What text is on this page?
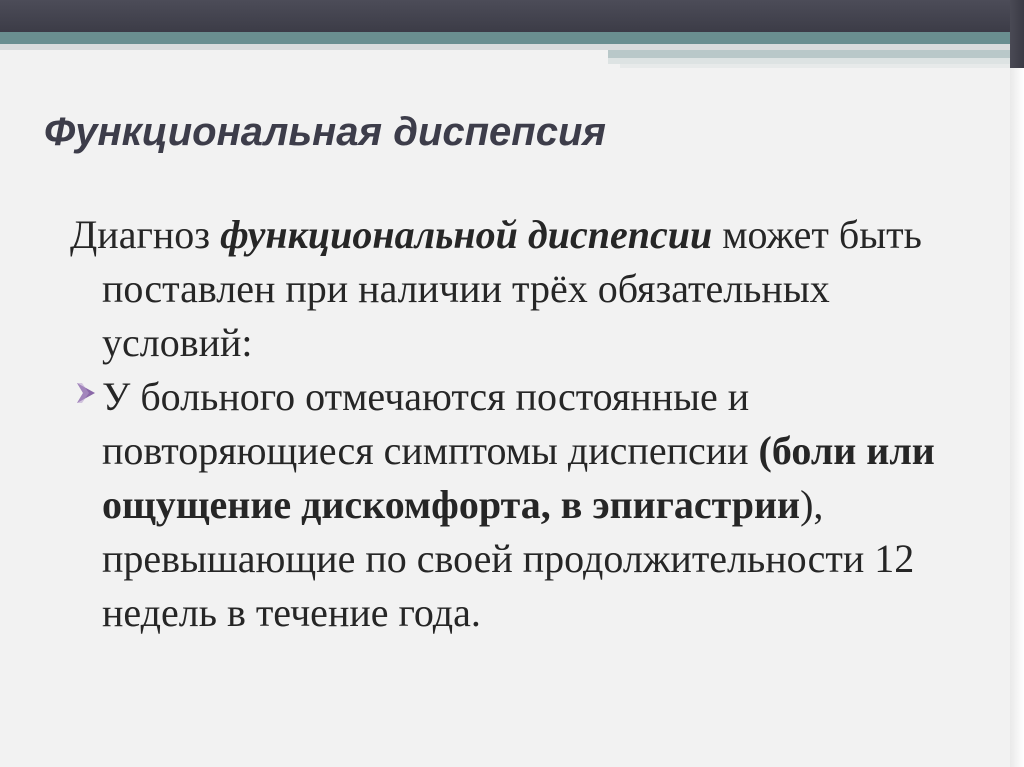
Функциональная диспепсия

Диагноз функциональной диспепсии может быть поставлен при наличии трёх обязательных условий:

У больного отмечаются постоянные и повторяющиеся симптомы диспепсии (боли или ощущение дискомфорта, в эпигастрии), превышающие по своей продолжительности 12 недель в течение года.
